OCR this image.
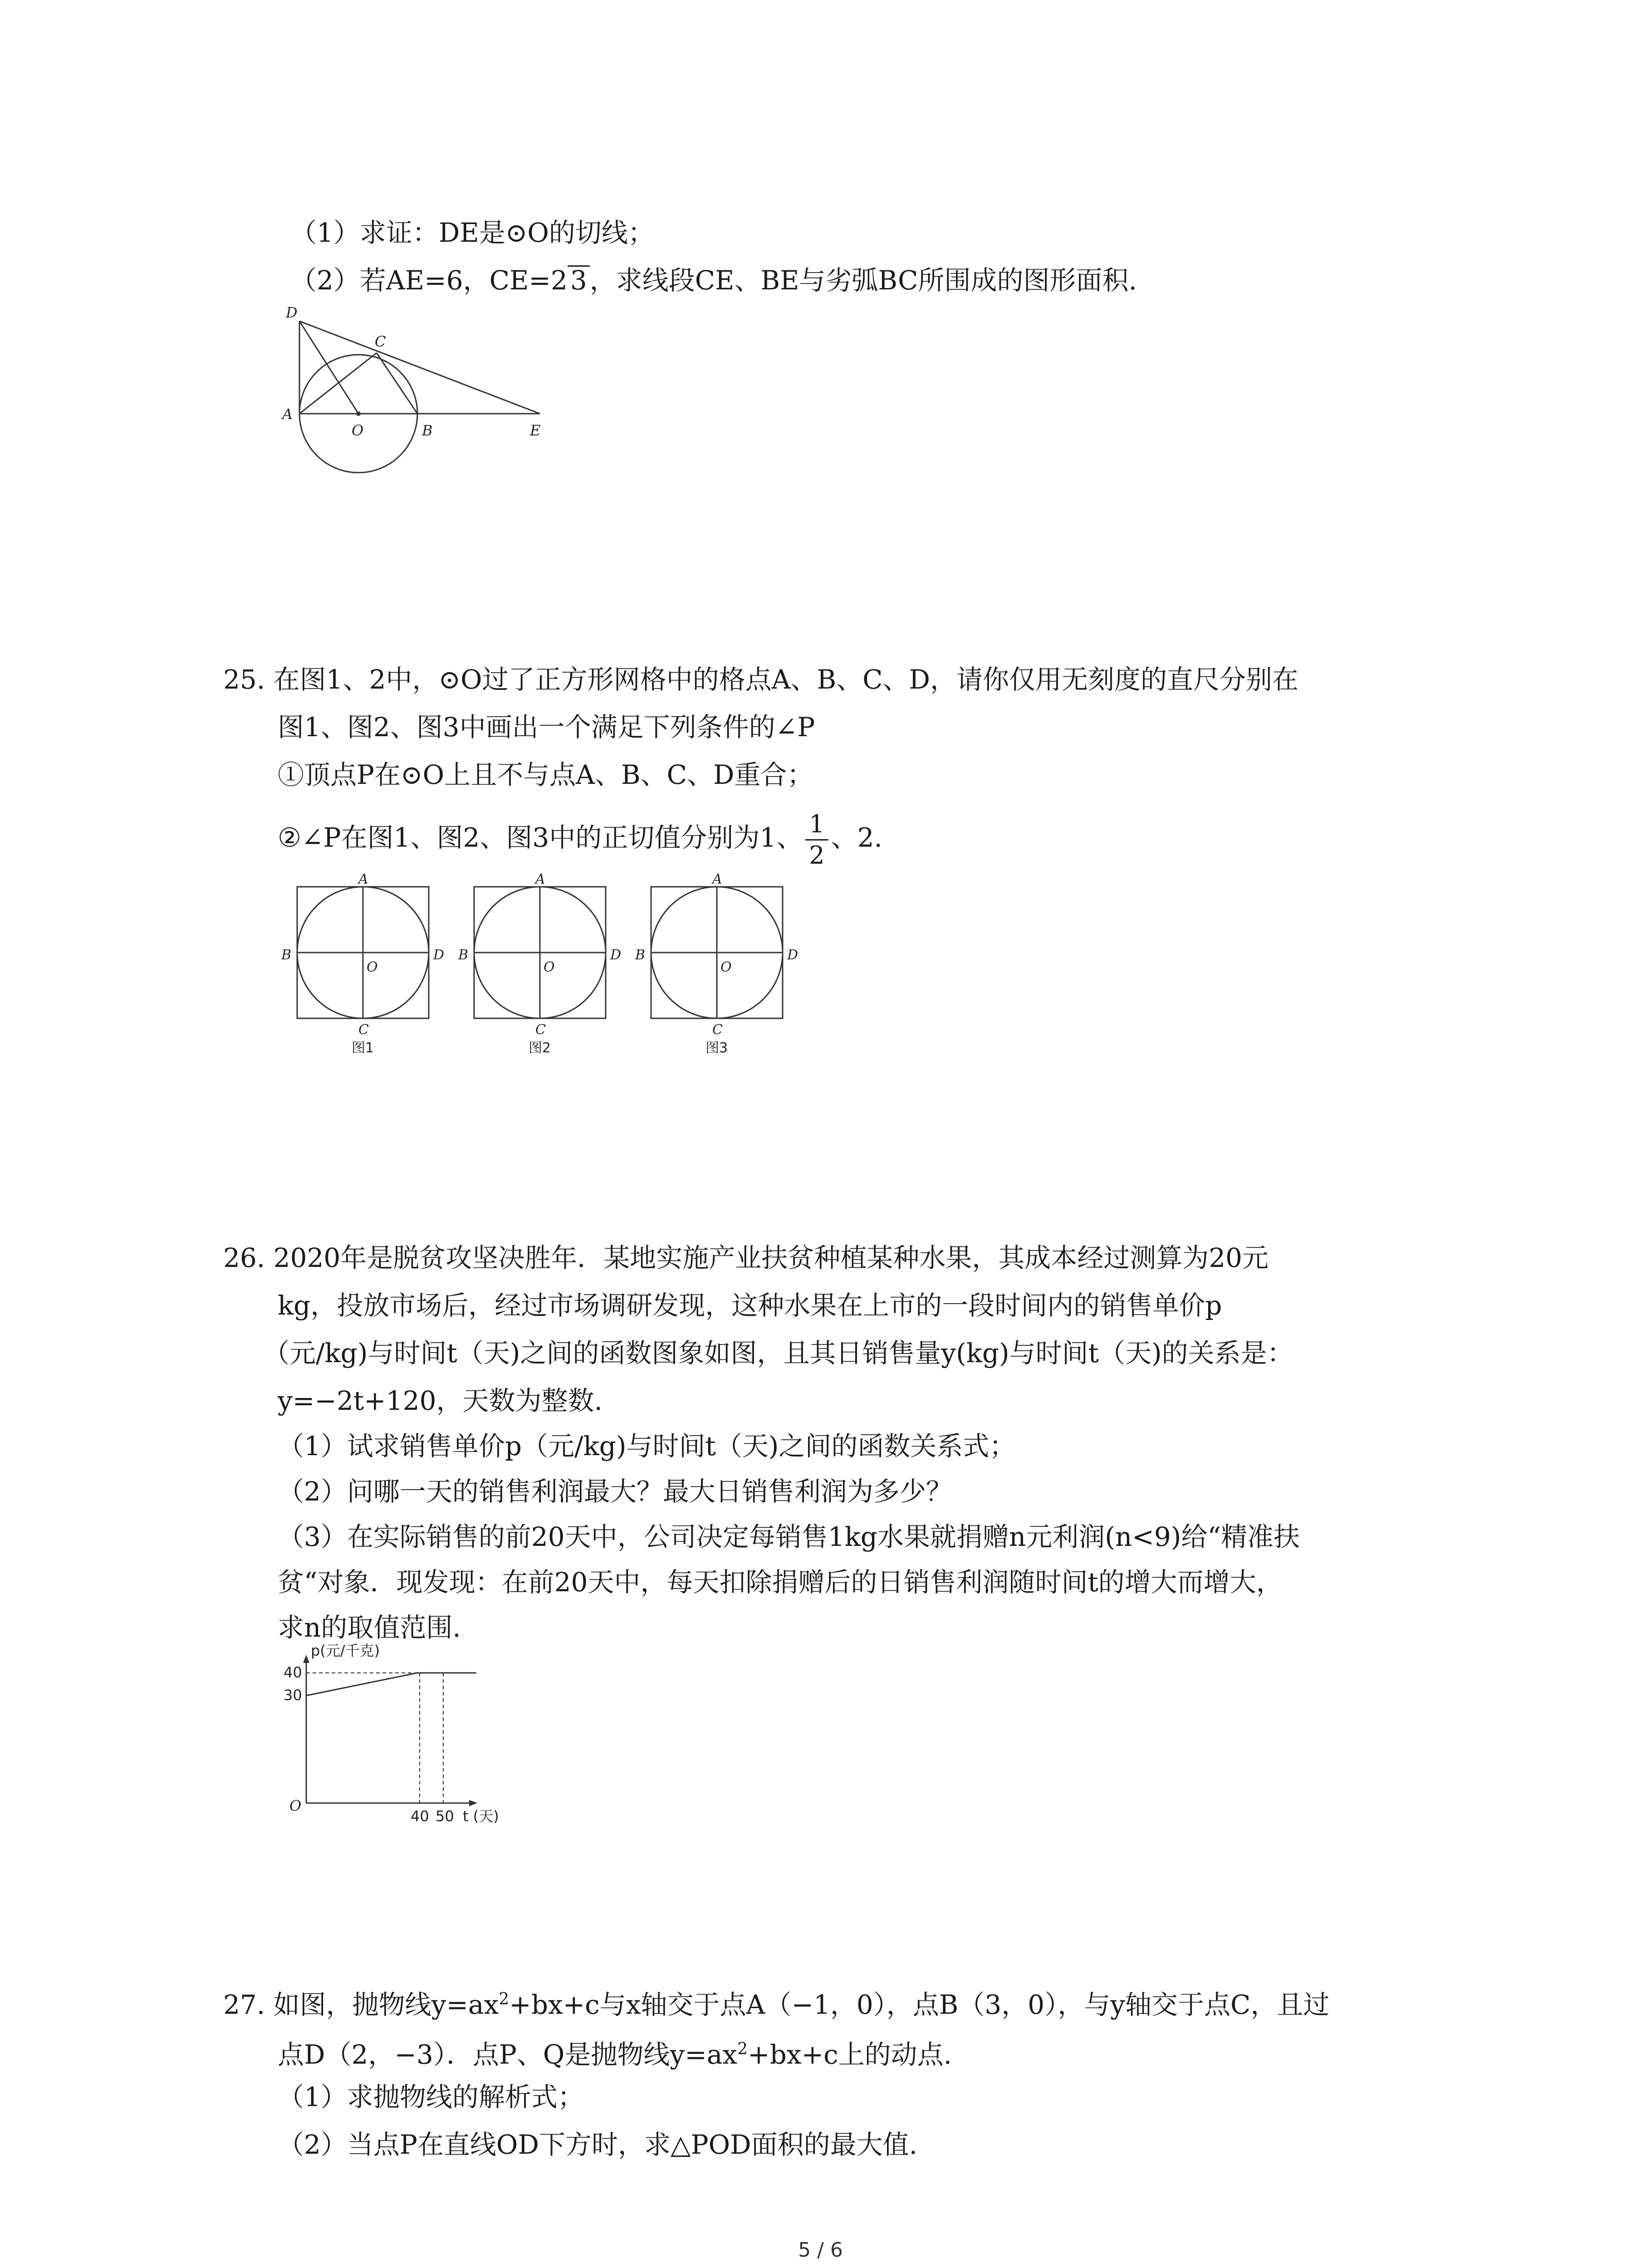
（1）求证：DE是⊙O的切线；
（2）若AE=6，CE=2 3 ，求线段CE、BE与劣弧BC所围成的图形面积.
D
C
A
O	B	E
25. 在图1、2中，⊙O过了正方形网格中的格点A、B、C、D，请你仅用无刻度的直尺分别在
图1、图2、图3中画出一个满足下列条件的∠P
①顶点P在⊙O上且不与点A、B、C、D重合；
②∠P在图1、图2、图3中的正切值分别为1、 $\frac{1}{2}$ 、2.
A
B	D
O
C
图1
A
B	D
O
C
图2
A
B	D
O
C
图3
26. 2020年是脱贫攻坚决胜年．某地实施产业扶贫种植某种水果，其成本经过测算为20元
kg，投放市场后，经过市场调研发现，这种水果在上市的一段时间内的销售单价p
（元/kg)与时间t（天)之间的函数图象如图，且其日销售量y(kg)与时间t（天)的关系是：
y=−2t+120，天数为整数.
（1）试求销售单价p（元/kg)与时间t（天)之间的函数关系式；
（2）问哪一天的销售利润最大？最大日销售利润为多少？
（3）在实际销售的前20天中，公司决定每销售1kg水果就捐赠n元利润(n<9)给“精准扶
贫“对象．现发现：在前20天中，每天扣除捐赠后的日销售利润随时间t的增大而增大，
求n的取值范围.
p(元/千克)
40
30
O
40 50 t (天)
27. 如图，抛物线$y=ax^2+bx+c$与x轴交于点A（−1，0），点B（3，0），与y轴交于点C，且过
点D（2，−3）．点P、Q是抛物线$y=ax^2+bx+c$上的动点.
（1）求抛物线的解析式；
（2）当点P在直线OD下方时，求△POD面积的最大值.
5 / 6
